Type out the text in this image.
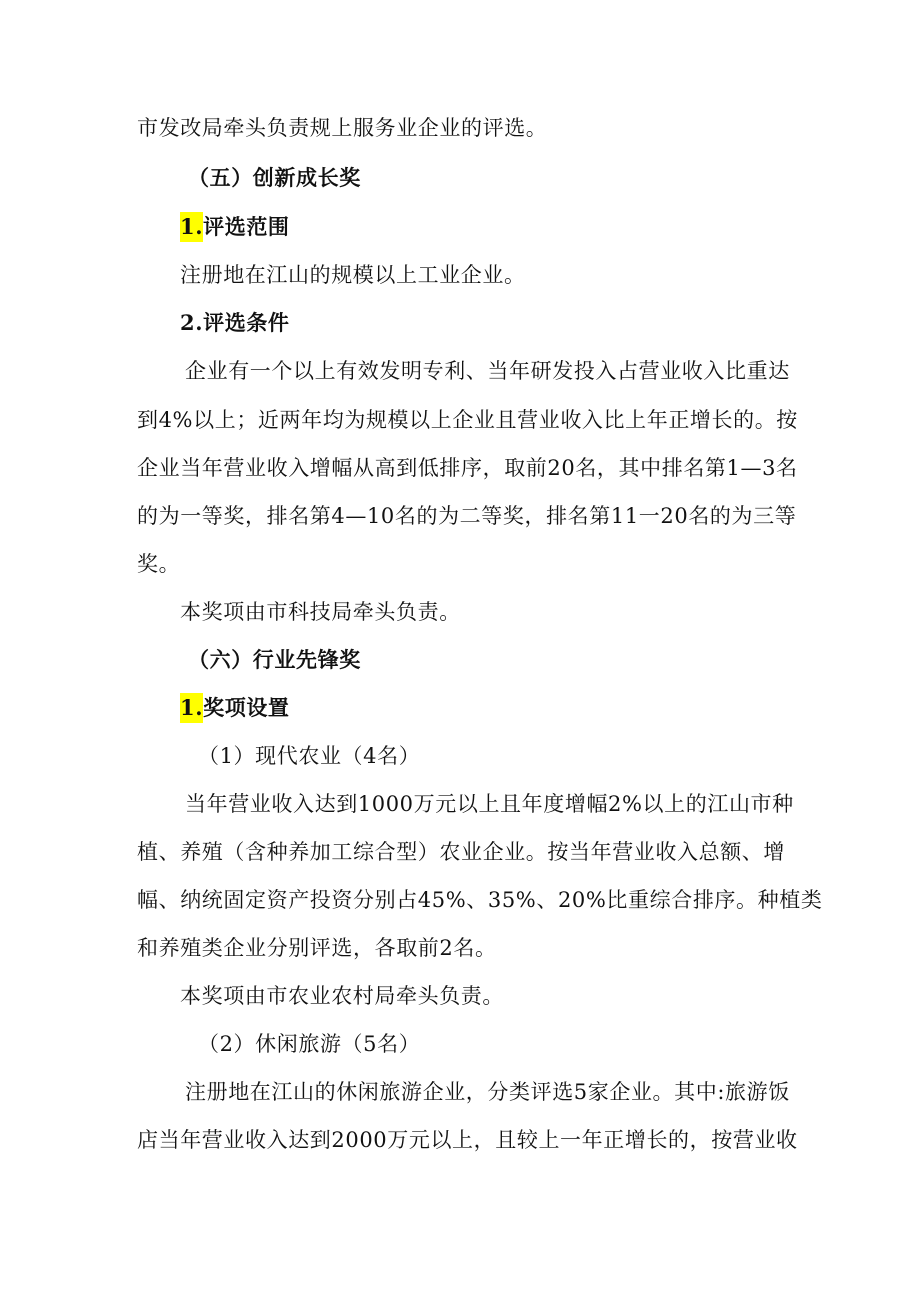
市发改局牵头负责规上服务业企业的评选。
（五）创新成长奖
1.评选范围
注册地在江山的规模以上工业企业。
2.评选条件
企业有一个以上有效发明专利、当年研发投入占营业收入比重达
到4%以上；近两年均为规模以上企业且营业收入比上年正增长的。按
企业当年营业收入增幅从高到低排序，取前20名，其中排名第1—3名
的为一等奖，排名第4—10名的为二等奖，排名第11一20名的为三等
奖。
本奖项由市科技局牵头负责。
（六）行业先锋奖
1.奖项设置
（1）现代农业（4名）
当年营业收入达到1000万元以上且年度增幅2%以上的江山市种
植、养殖（含种养加工综合型）农业企业。按当年营业收入总额、增
幅、纳统固定资产投资分别占45%、35%、20%比重综合排序。种植类
和养殖类企业分别评选，各取前2名。
本奖项由市农业农村局牵头负责。
（2）休闲旅游（5名）
注册地在江山的休闲旅游企业，分类评选5家企业。其中:旅游饭
店当年营业收入达到2000万元以上，且较上一年正增长的，按营业收
